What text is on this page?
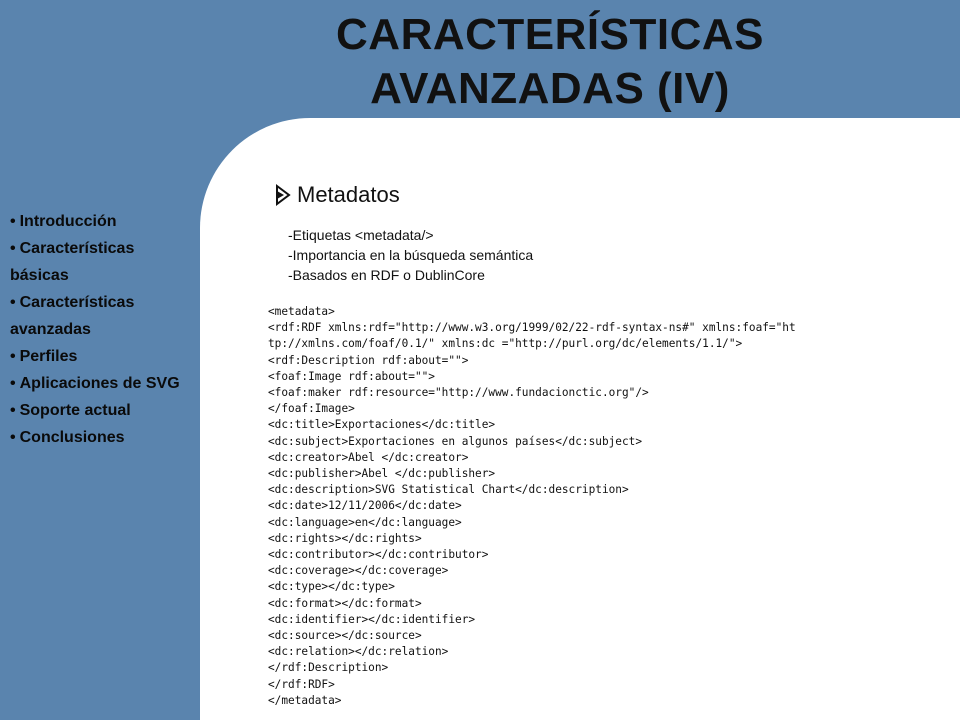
CARACTERÍSTICAS
AVANZADAS (IV)
• Introducción
• Características básicas
• Características avanzadas
• Perfiles
• Aplicaciones de SVG
• Soporte actual
• Conclusiones
Metadatos
-Etiquetas <metadata/>
-Importancia en la búsqueda semántica
-Basados en RDF o DublinCore
<metadata>
<rdf:RDF xmlns:rdf="http://www.w3.org/1999/02/22-rdf-syntax-ns#" xmlns:foaf="http://xmlns.com/foaf/0.1/" xmlns:dc ="http://purl.org/dc/elements/1.1/">
<rdf:Description rdf:about="">
<foaf:Image rdf:about="">
<foaf:maker rdf:resource="http://www.fundacionctic.org"/>
</foaf:Image>
<dc:title>Exportaciones</dc:title>
<dc:subject>Exportaciones en algunos países</dc:subject>
<dc:creator>Abel </dc:creator>
<dc:publisher>Abel </dc:publisher>
<dc:description>SVG Statistical Chart</dc:description>
<dc:date>12/11/2006</dc:date>
<dc:language>en</dc:language>
<dc:rights></dc:rights>
<dc:contributor></dc:contributor>
<dc:coverage></dc:coverage>
<dc:type></dc:type>
<dc:format></dc:format>
<dc:identifier></dc:identifier>
<dc:source></dc:source>
<dc:relation></dc:relation>
</rdf:Description>
</rdf:RDF>
</metadata>
